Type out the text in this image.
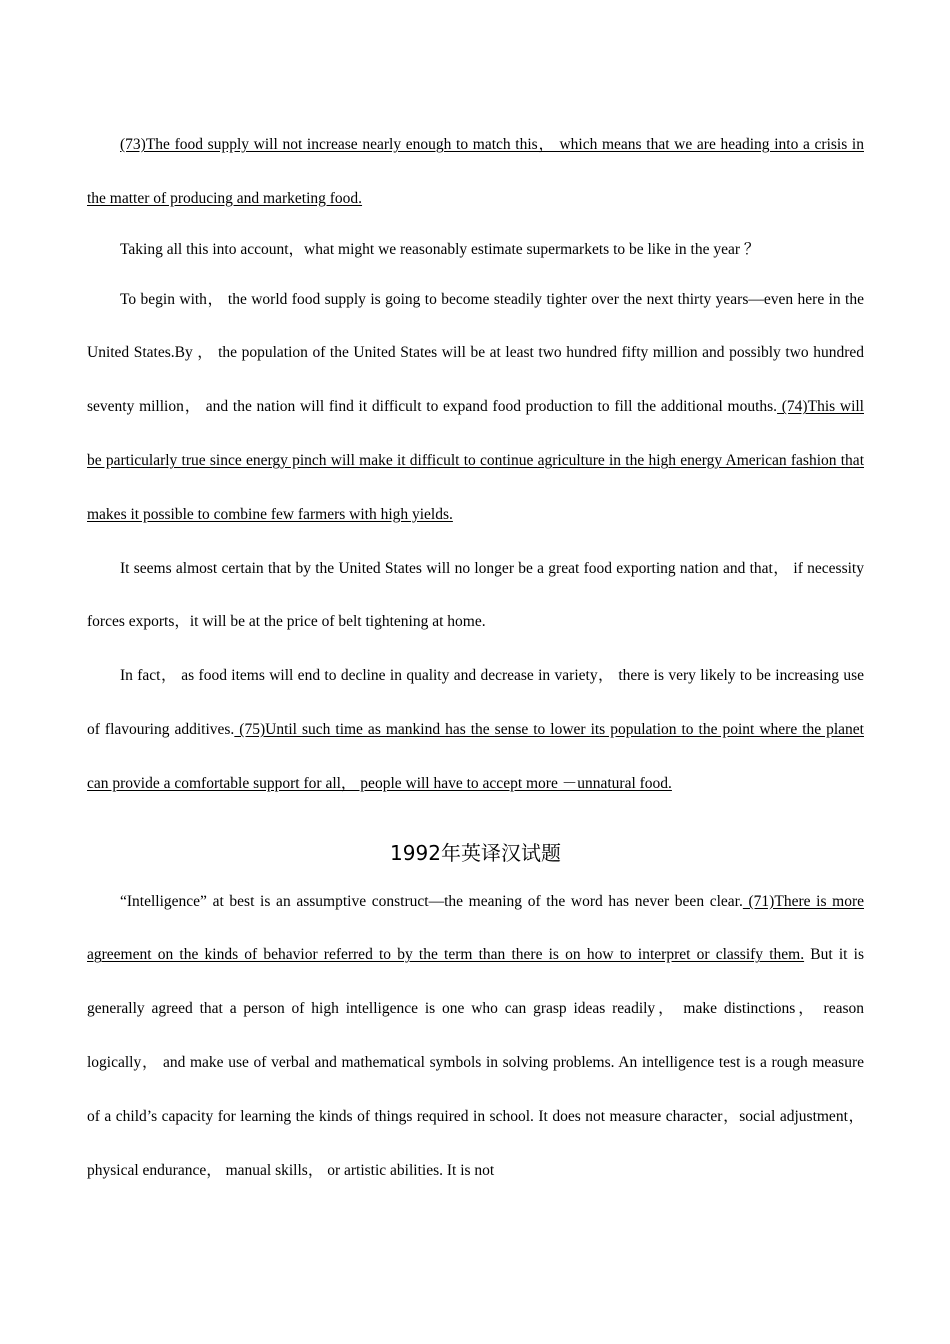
(73)The food supply will not increase nearly enough to match this， which means that we are heading into a crisis in the matter of producing and marketing food.

Taking all this into account，what might we reasonably estimate supermarkets to be like in the year ？

To begin with， the world food supply is going to become steadily tighter over the next thirty years—even here in the United States.By ， the population of the United States will be at least two hundred fifty million and possibly two hundred seventy million， and the nation will find it difficult to expand food production to fill the additional mouths. (74)This will be particularly true since energy pinch will make it difficult to continue agriculture in the high energy American fashion that makes it possible to combine few farmers with high yields.

It seems almost certain that by the United States will no longer be a great food exporting nation and that， if necessity forces exports，it will be at the price of belt tightening at home.

In fact， as food items will end to decline in quality and decrease in variety， there is very likely to be increasing use of flavouring additives. (75)Until such time as mankind has the sense to lower its population to the point where the planet can provide a comfortable support for all， people will have to accept more －unnatural food.

1992年英译汉试题

“Intelligence” at best is an assumptive construct—the meaning of the word has never been clear. (71)There is more agreement on the kinds of behavior referred to by the term than there is on how to interpret or classify them. But it is generally agreed that a person of high intelligence is one who can grasp ideas readily， make distinctions， reason logically， and make use of verbal and mathematical symbols in solving problems. An intelligence test is a rough measure of a child’s capacity for learning the kinds of things required in school. It does not measure character，social adjustment， physical endurance， manual skills， or artistic abilities. It is not
